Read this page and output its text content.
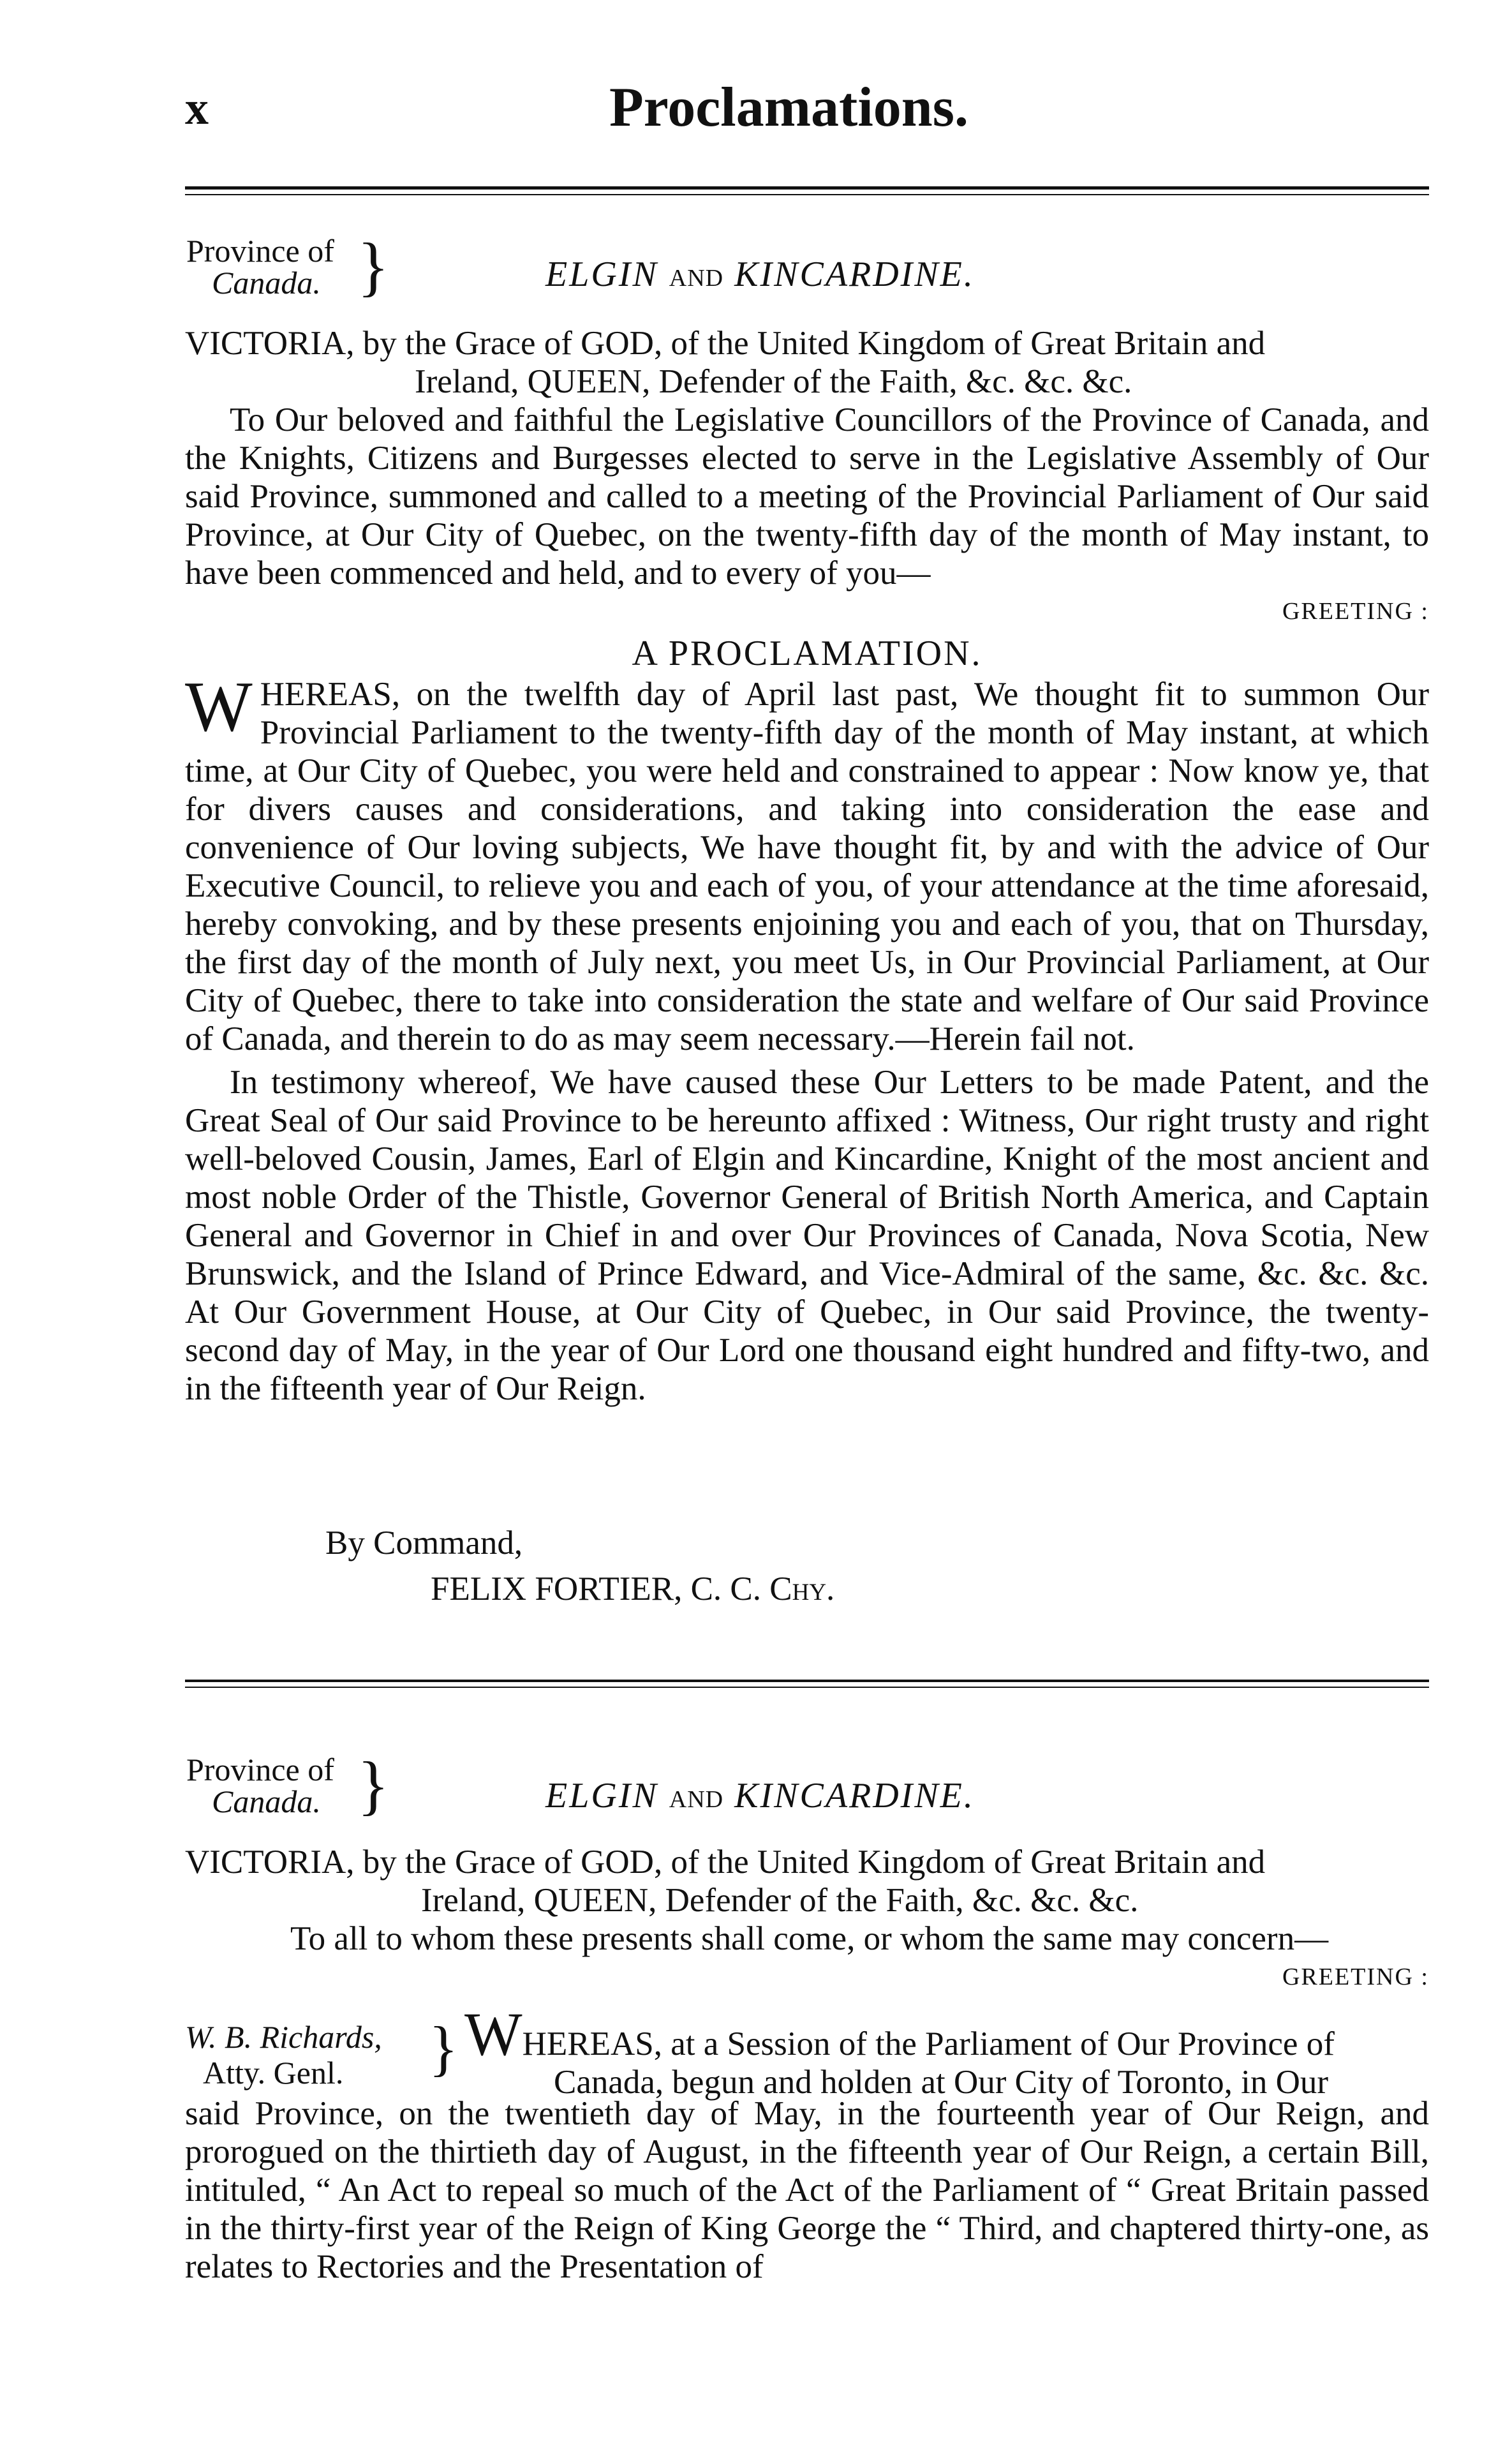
x	Proclamations.
Province of
Canada. }	ELGIN AND KINCARDINE.

VICTORIA, by the Grace of GOD, of the United Kingdom of Great Britain and

Ireland, QUEEN, Defender of the Faith, &c. &c. &c.

To Our beloved and faithful the Legislative Councillors of the Province of Canada, and the Knights, Citizens and Burgesses elected to serve in the Legislative Assembly of Our said Province, summoned and called to a meeting of the Provincial Parliament of Our said Province, at Our City of Quebec, on the twenty-fifth day of the month of May instant, to have been commenced and held, and to every of you—

GREETING :

A PROCLAMATION.

WHEREAS, on the twelfth day of April last past, We thought fit to summon Our Provincial Parliament to the twenty-fifth day of the month of May instant, at which time, at Our City of Quebec, you were held and constrained to appear : Now know ye, that for divers causes and considerations, and taking into consideration the ease and convenience of Our loving subjects, We have thought fit, by and with the advice of Our Executive Council, to relieve you and each of you, of your attendance at the time aforesaid, hereby convoking, and by these presents enjoining you and each of you, that on Thursday, the first day of the month of July next, you meet Us, in Our Provincial Parliament, at Our City of Quebec, there to take into consideration the state and welfare of Our said Province of Canada, and therein to do as may seem necessary.—Herein fail not.

In testimony whereof, We have caused these Our Letters to be made Patent, and the Great Seal of Our said Province to be hereunto affixed : Witness, Our right trusty and right well-beloved Cousin, James, Earl of Elgin and Kincardine, Knight of the most ancient and most noble Order of the Thistle, Governor General of British North America, and Captain General and Governor in Chief in and over Our Provinces of Canada, Nova Scotia, New Brunswick, and the Island of Prince Edward, and Vice-Admiral of the same, &c. &c. &c. At Our Government House, at Our City of Quebec, in Our said Province, the twenty-second day of May, in the year of Our Lord one thousand eight hundred and fifty-two, and in the fifteenth year of Our Reign.

By Command,
FELIX FORTIER, C. C. Chy.
Province of
Canada. }	ELGIN AND KINCARDINE.

VICTORIA, by the Grace of GOD, of the United Kingdom of Great Britain and

Ireland, QUEEN, Defender of the Faith, &c. &c. &c.

To all to whom these presents shall come, or whom the same may concern—

GREETING :

W. B. Richards,
Atty. Genl.	} WHEREAS, at a Session of the Parliament of Our Province of

Canada, begun and holden at Our City of Toronto, in Our

said Province, on the twentieth day of May, in the fourteenth year of Our Reign, and prorogued on the thirtieth day of August, in the fifteenth year of Our Reign, a certain Bill, intituled, “ An Act to repeal so much of the Act of the Parliament of “ Great Britain passed in the thirty-first year of the Reign of King George the “ Third, and chaptered thirty-one, as relates to Rectories and the Presentation of
